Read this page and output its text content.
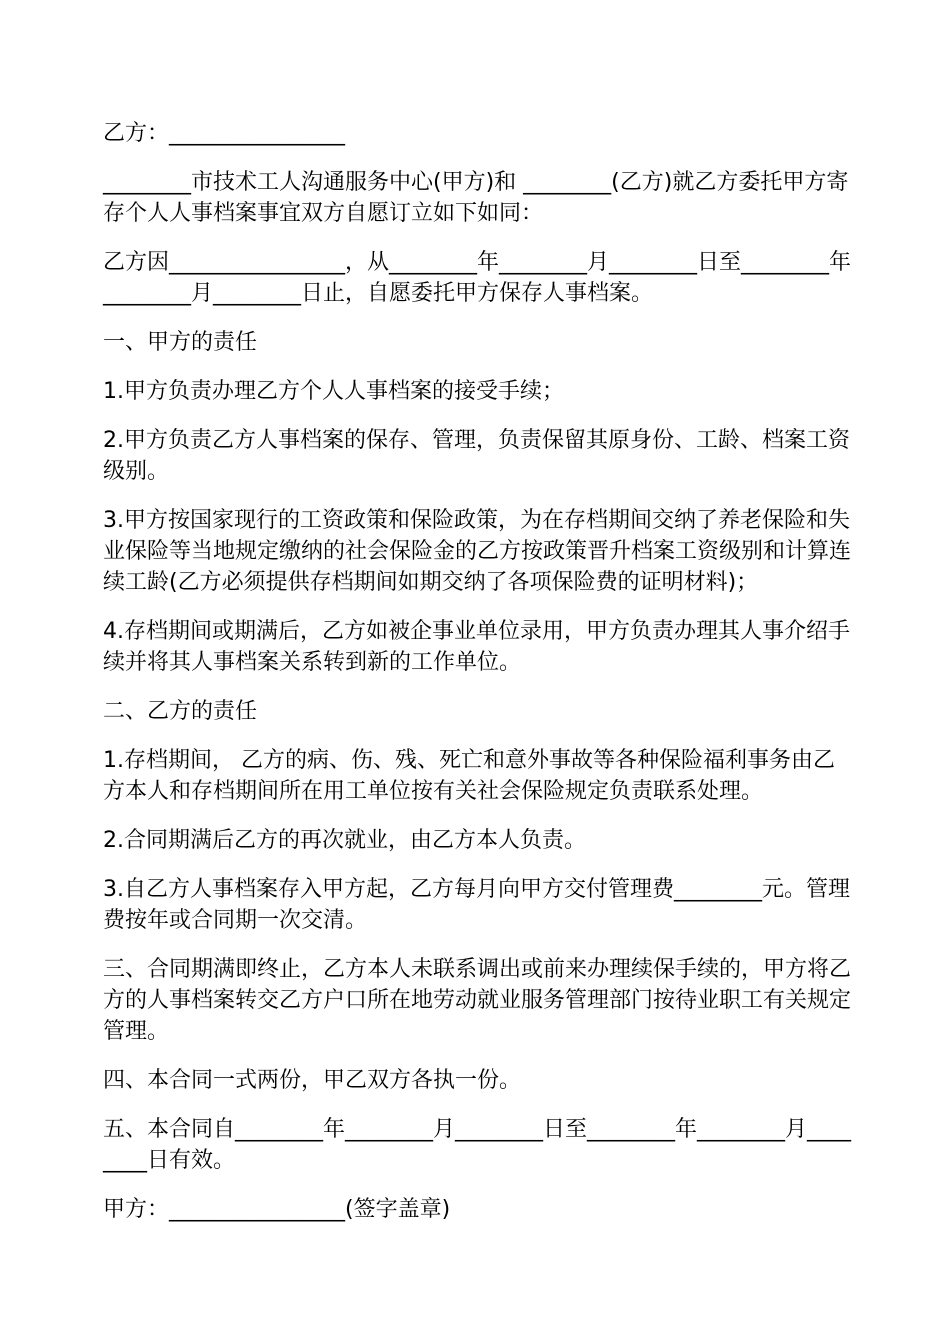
乙方：________________

________市技术工人沟通服务中心(甲方)和 ________(乙方)就乙方委托甲方寄存个人人事档案事宜双方自愿订立如下如同：

乙方因________________，从________年________月________日至________年________月________日止，自愿委托甲方保存人事档案。

一、甲方的责任

1.甲方负责办理乙方个人人事档案的接受手续；

2.甲方负责乙方人事档案的保存、管理，负责保留其原身份、工龄、档案工资级别。

3.甲方按国家现行的工资政策和保险政策，为在存档期间交纳了养老保险和失业保险等当地规定缴纳的社会保险金的乙方按政策晋升档案工资级别和计算连续工龄(乙方必须提供存档期间如期交纳了各项保险费的证明材料)；

4.存档期间或期满后，乙方如被企事业单位录用，甲方负责办理其人事介绍手续并将其人事档案关系转到新的工作单位。

二、乙方的责任

1.存档期间， 乙方的病、伤、残、死亡和意外事故等各种保险福利事务由乙方本人和存档期间所在用工单位按有关社会保险规定负责联系处理。

2.合同期满后乙方的再次就业，由乙方本人负责。

3.自乙方人事档案存入甲方起，乙方每月向甲方交付管理费________元。管理费按年或合同期一次交清。

三、合同期满即终止，乙方本人未联系调出或前来办理续保手续的，甲方将乙方的人事档案转交乙方户口所在地劳动就业服务管理部门按待业职工有关规定管理。

四、本合同一式两份，甲乙双方各执一份。

五、本合同自________年________月________日至________年________月________日有效。

甲方：________________(签字盖章)
